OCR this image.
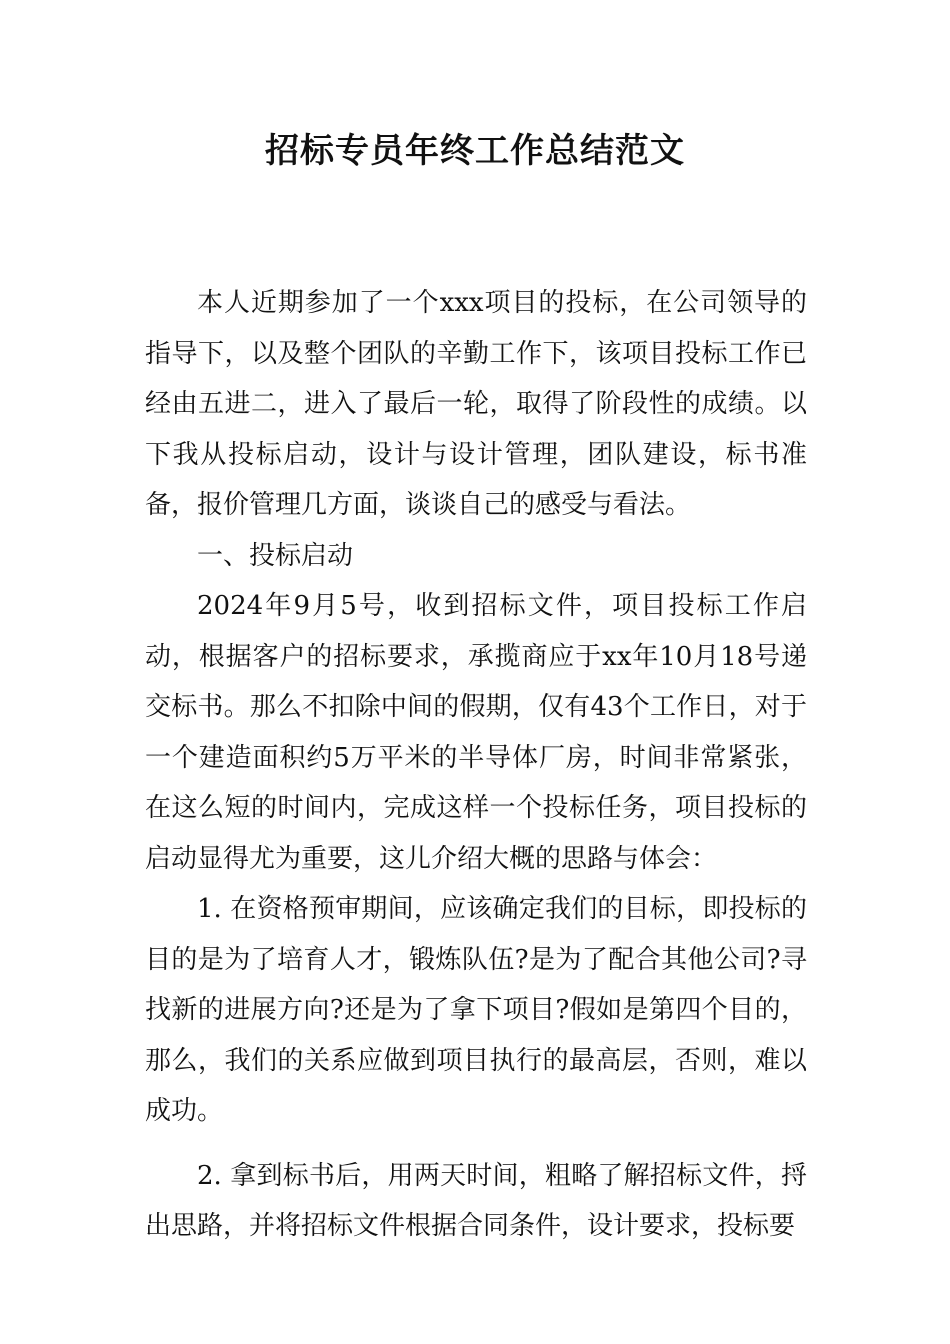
招标专员年终工作总结范文

本人近期参加了一个xxx项目的投标，在公司领导的指导下，以及整个团队的辛勤工作下，该项目投标工作已经由五进二，进入了最后一轮，取得了阶段性的成绩。以下我从投标启动，设计与设计管理，团队建设，标书准备，报价管理几方面，谈谈自己的感受与看法。

一、投标启动

2024年9月5号，收到招标文件，项目投标工作启动，根据客户的招标要求，承揽商应于xx年10月18号递交标书。那么不扣除中间的假期，仅有43个工作日，对于一个建造面积约5万平米的半导体厂房，时间非常紧张，在这么短的时间内，完成这样一个投标任务，项目投标的启动显得尤为重要，这儿介绍大概的思路与体会：

1. 在资格预审期间，应该确定我们的目标，即投标的目的是为了培育人才，锻炼队伍?是为了配合其他公司?寻找新的进展方向?还是为了拿下项目?假如是第四个目的，那么，我们的关系应做到项目执行的最高层，否则，难以成功。

2. 拿到标书后，用两天时间，粗略了解招标文件，捋出思路，并将招标文件根据合同条件，设计要求，投标要
